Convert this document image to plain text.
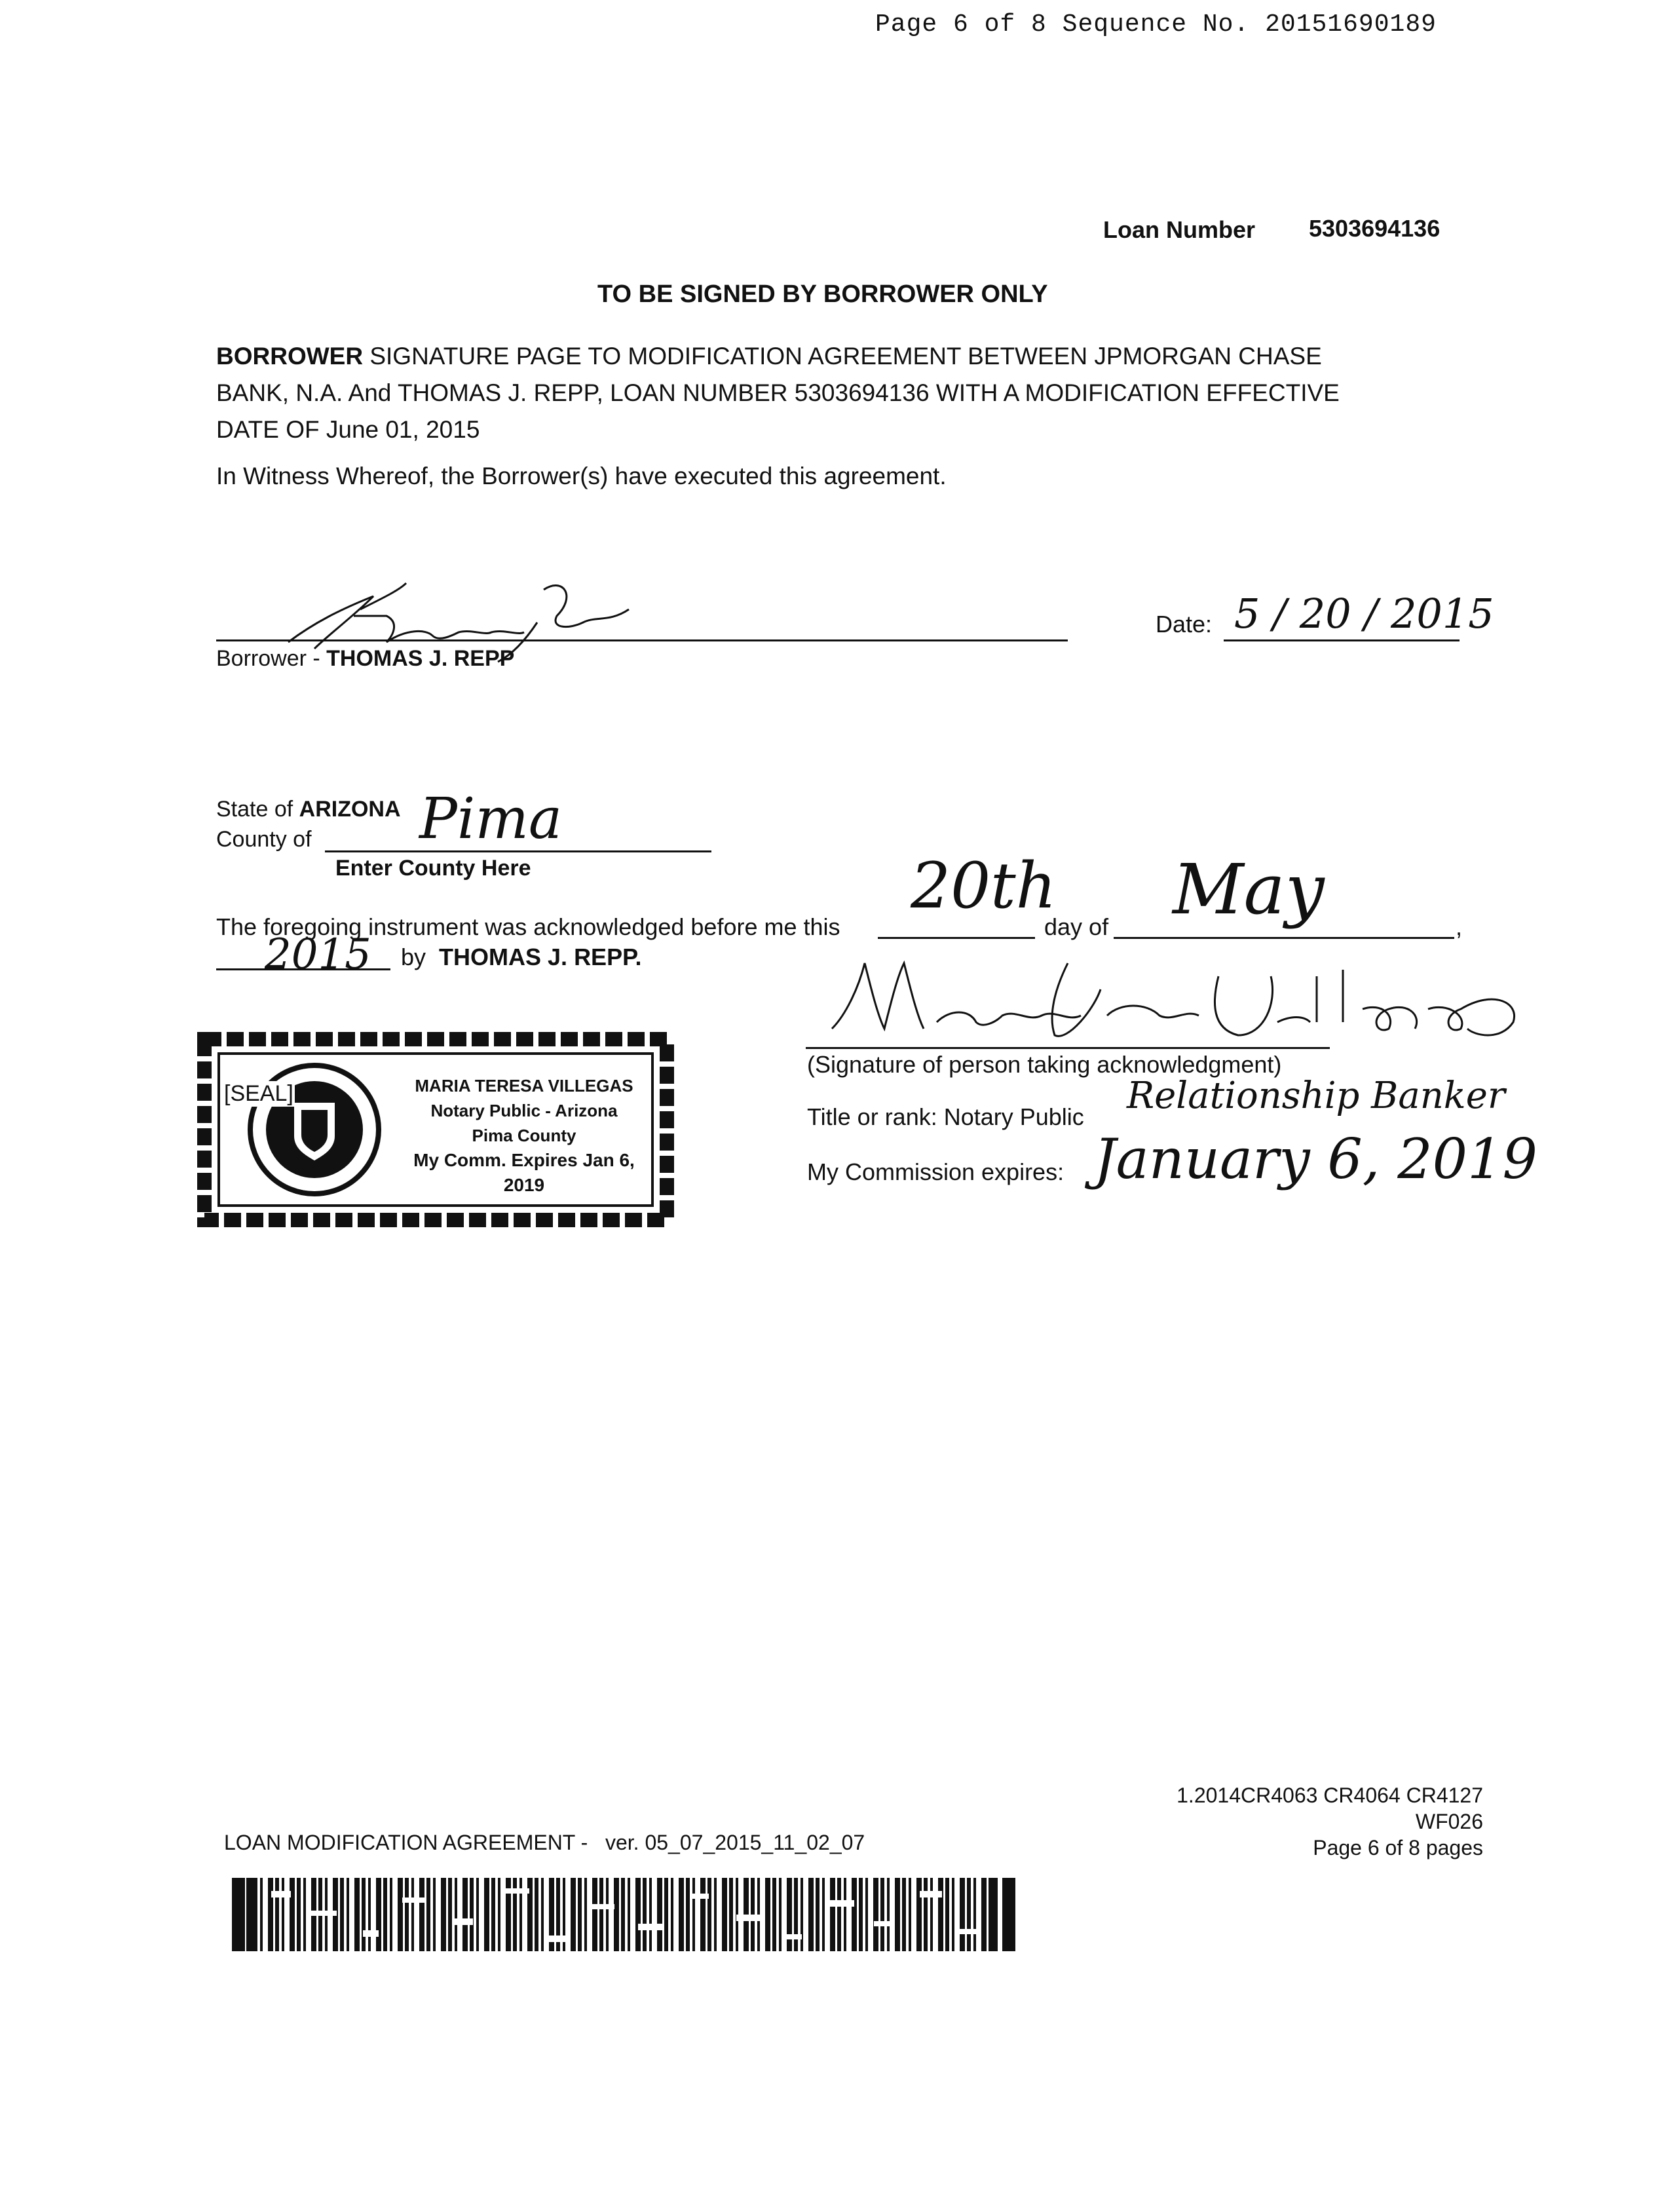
Page 6 of 8 Sequence No. 20151690189
Loan Number 5303694136
TO BE SIGNED BY BORROWER ONLY
BORROWER SIGNATURE PAGE TO MODIFICATION AGREEMENT BETWEEN JPMORGAN CHASE
BANK, N.A. And THOMAS J. REPP, LOAN NUMBER 5303694136 WITH A MODIFICATION EFFECTIVE
DATE OF June 01, 2015
In Witness Whereof, the Borrower(s) have executed this agreement.
Borrower - THOMAS J. REPP
Date: 5 / 20 / 2015
State of ARIZONA
County of Pima
Enter County Here
The foregoing instrument was acknowledged before me this
20th
day of May	,
2015 by THOMAS J. REPP.
(Signature of person taking acknowledgment)
Title or rank: Notary Public Relationship Banker
My Commission expires: January 6, 2019
[SEAL]	MARIA TERESA VILLEGAS
Notary Public - Arizona
Pima County
My Comm. Expires Jan 6, 2019
1.2014CR4063 CR4064 CR4127
WF026
Page 6 of 8 pages
LOAN MODIFICATION AGREEMENT - ver. 05_07_2015_11_02_07
